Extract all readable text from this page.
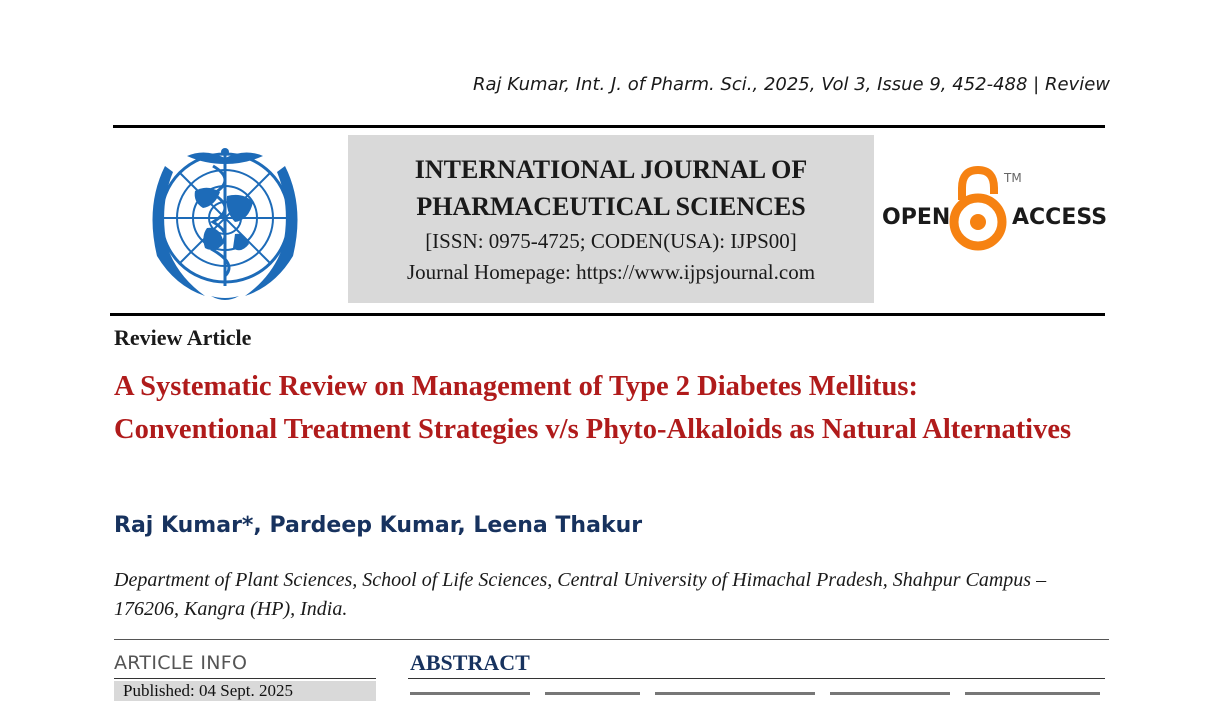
Raj Kumar, Int. J. of Pharm. Sci., 2025, Vol 3, Issue 9, 452-488 | Review
INTERNATIONAL JOURNAL OF
PHARMACEUTICAL SCIENCES
[ISSN: 0975-4725; CODEN(USA): IJPS00]
Journal Homepage: https://www.ijpsjournal.com
OPEN
TM
ACCESS
Review Article
A Systematic Review on Management of Type 2 Diabetes Mellitus: Conventional Treatment Strategies v/s Phyto-Alkaloids as Natural Alternatives
Raj Kumar*, Pardeep Kumar, Leena Thakur
Department of Plant Sciences, School of Life Sciences, Central University of Himachal Pradesh, Shahpur Campus – 176206, Kangra (HP), India.
ARTICLE INFO
Published: 04 Sept. 2025
ABSTRACT
